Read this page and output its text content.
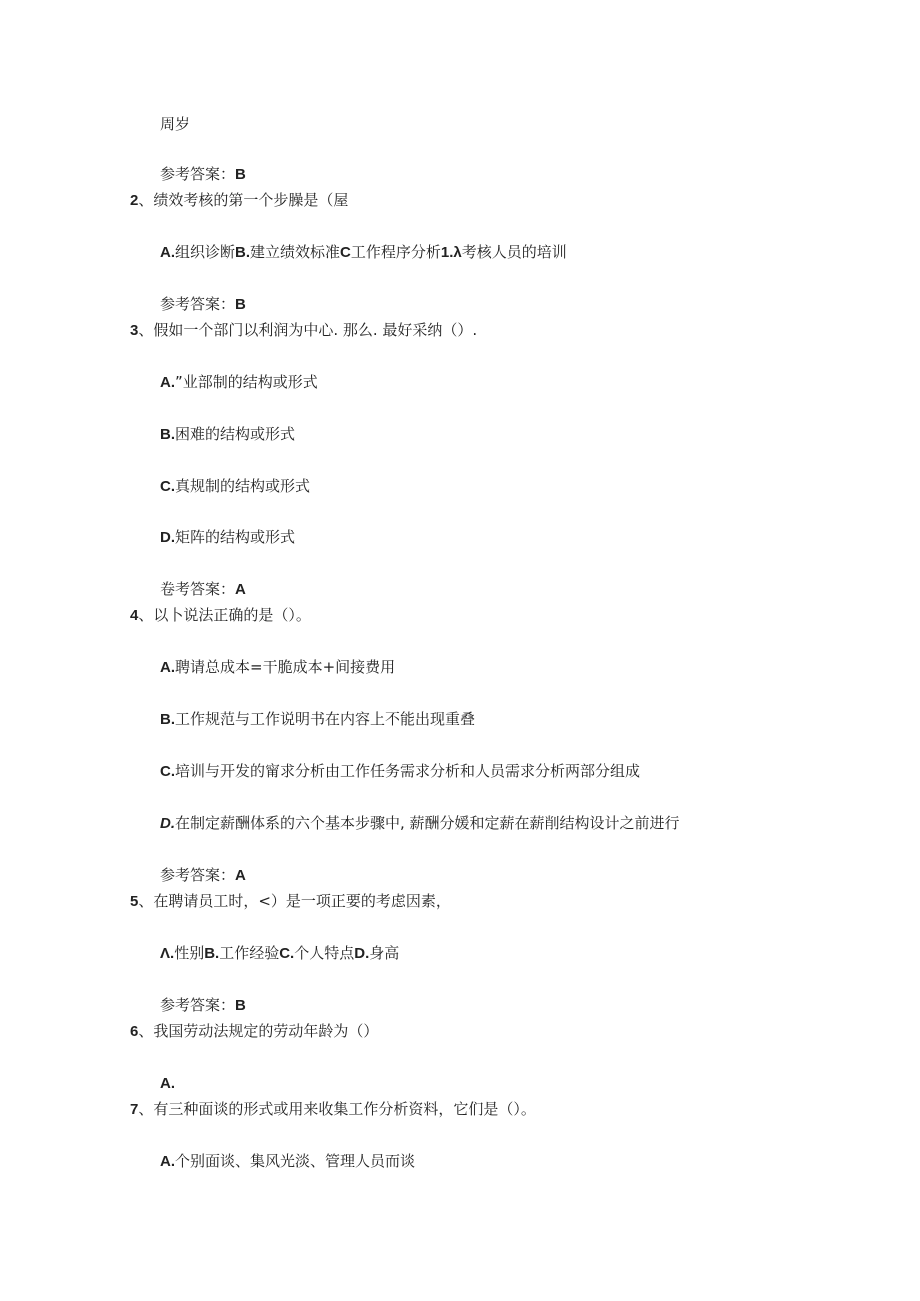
周岁
参考答案：B
2、绩效考核的第一个步臊是（屋
A.组织诊断B.建立绩效标准C工作程序分析1.λ考核人员的培训
参考答案：B
3、假如一个部门以利润为中心. 那么. 最好采纳（）.
A.”业部制的结构或形式
B.困难的结构或形式
C.真规制的结构或形式
D.矩阵的结构或形式
卷考答案：A
4、以卜说法正确的是（）。
A.聘请总成本=干脆成本+间接费用
B.工作规范与工作说明书在内容上不能出现重叠
C.培训与开发的甯求分析由工作任务需求分析和人员需求分析两部分组成
D.在制定薪酬体系的六个基本步骤中, 薪酬分媛和定薪在薪削结构设计之前进行
参考答案：A
5、在聘请员工时，<）是一项正要的考虑因素，
Λ.性别B.工作经验C.个人特点D.身高
参考答案：B
6、我国劳动法规定的劳动年龄为（）
A.
7、有三种面谈的形式或用来收集工作分析资料，它们是（）。
A.个别面谈、集风光淡、管理人员而谈
